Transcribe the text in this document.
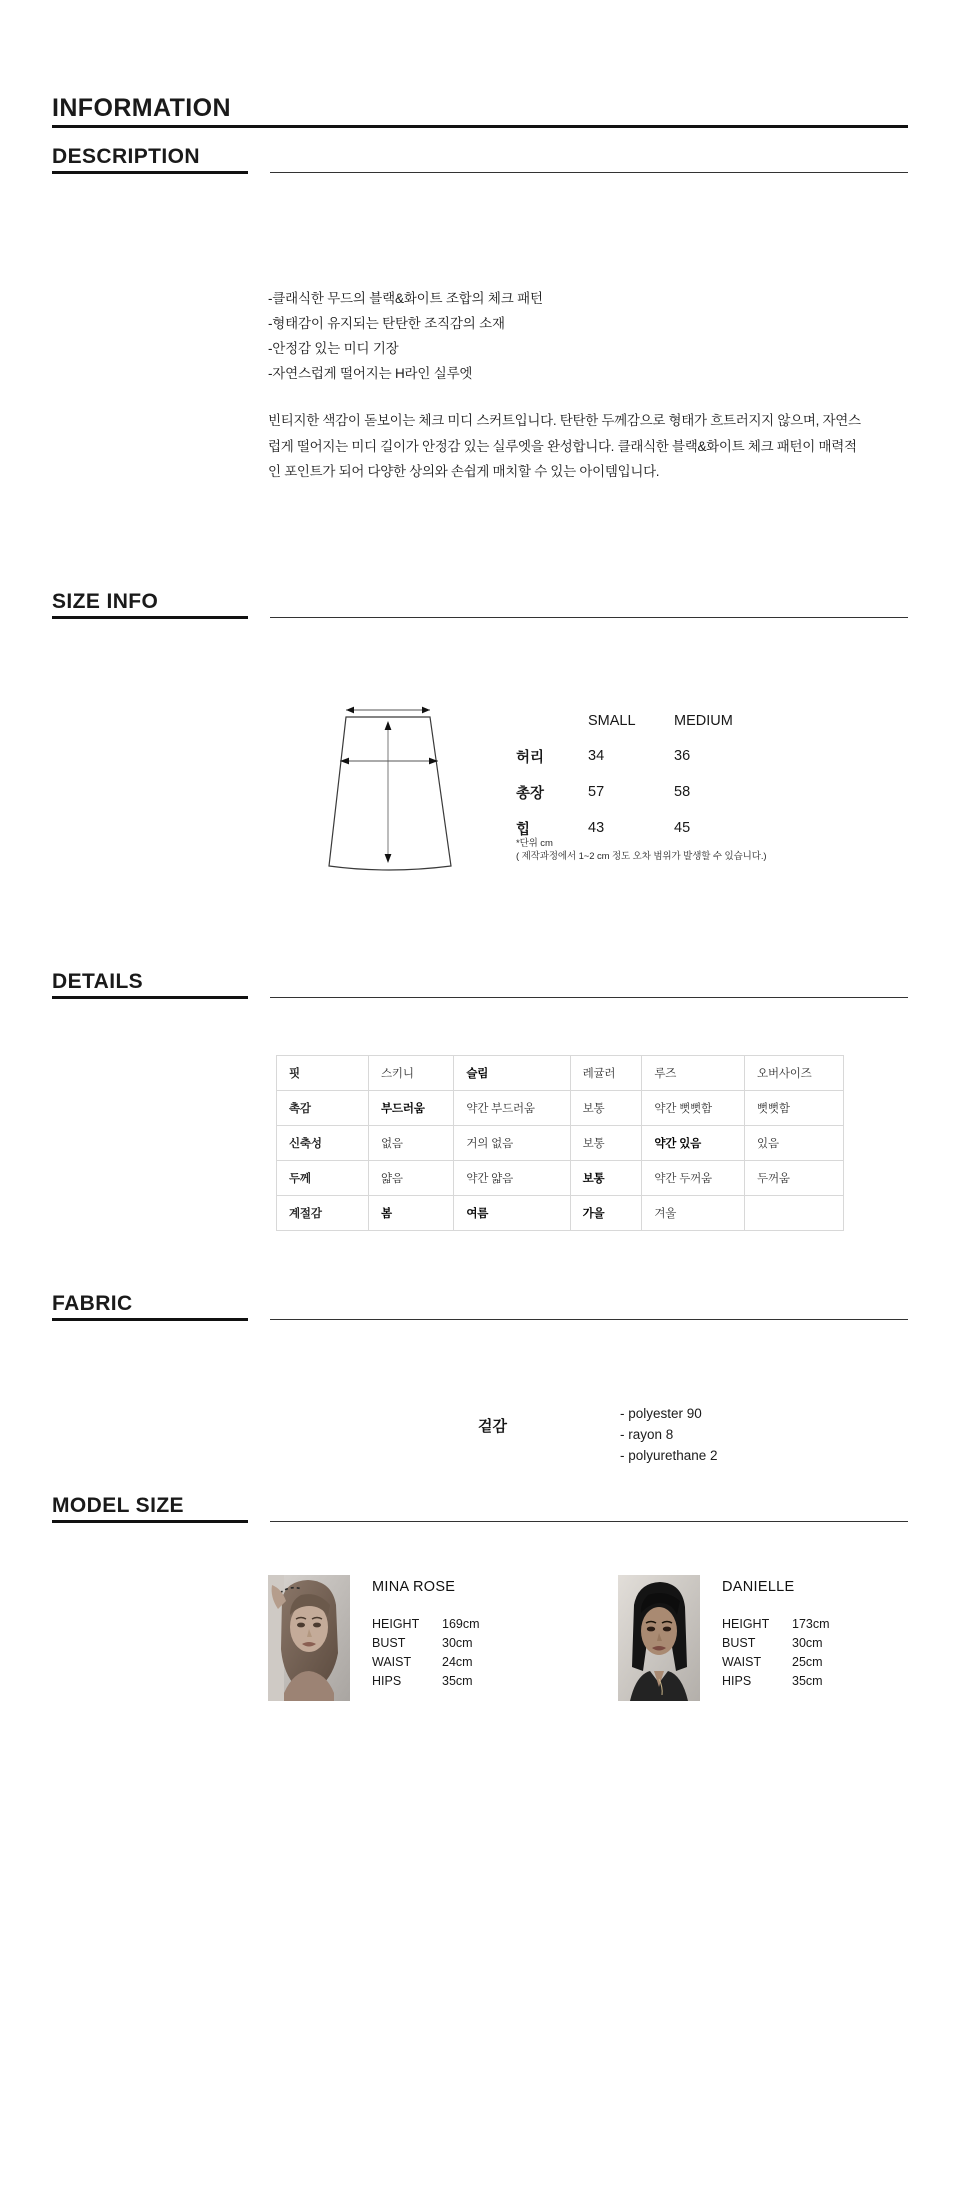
INFORMATION
DESCRIPTION

-클래식한 무드의 블랙&화이트 조합의 체크 패턴

-형태감이 유지되는 탄탄한 조직감의 소재

-안정감 있는 미디 기장

-자연스럽게 떨어지는 H라인 실루엣

빈티지한 색감이 돋보이는 체크 미디 스커트입니다. 탄탄한 두께감으로 형태가 흐트러지지 않으며, 자연스럽게 떨어지는 미디 길이가 안정감 있는 실루엣을 완성합니다. 클래식한 블랙&화이트 체크 패턴이 매력적인 포인트가 되어 다양한 상의와 손쉽게 매치할 수 있는 아이템입니다.
SIZE INFO
	SMALL	MEDIUM
허리	34	36
총장	57	58
힙	43	45
*단위 cm
( 제작과정에서 1~2 cm 정도 오차 범위가 발생할 수 있습니다.)
DETAILS
핏	스키니	슬림	레귤러	루즈	오버사이즈
촉감	부드러움	약간 부드러움	보통	약간 뻣뻣함	뻣뻣함
신축성	없음	거의 없음	보통	약간 있음	있음
두께	얇음	약간 얇음	보통	약간 두꺼움	두꺼움
계절감	봄	여름	가을	겨울	
FABRIC
겉감
- polyester 90
- rayon 8
- polyurethane 2
MODEL SIZE
MINA ROSE
HEIGHT	169cm
BUST	30cm
WAIST	24cm
HIPS	35cm
DANIELLE
HEIGHT	173cm
BUST	30cm
WAIST	25cm
HIPS	35cm
